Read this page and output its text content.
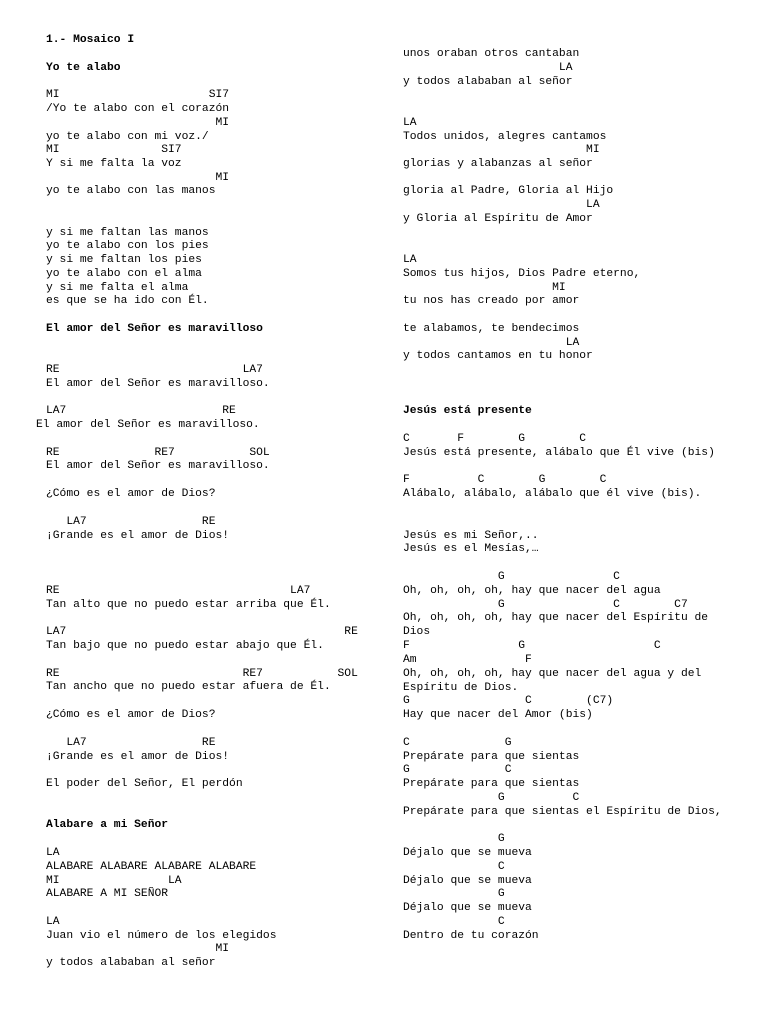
1.- Mosaico I
Yo te alabo
MI                      SI7
/Yo te alabo con el corazón
MI
yo te alabo con mi voz./
MI               SI7
Y si me falta la voz
MI
yo te alabo con las manos
y si me faltan las manos
yo te alabo con los pies
y si me faltan los pies
yo te alabo con el alma
y si me falta el alma
es que se ha ido con Él.
El amor del Señor es maravilloso
RE                           LA7
El amor del Señor es maravilloso.
LA7                       RE
El amor del Señor es maravilloso.
RE              RE7           SOL
El amor del Señor es maravilloso.
¿Cómo es el amor de Dios?
LA7                 RE
¡Grande es el amor de Dios!
RE                                  LA7
Tan alto que no puedo estar arriba que Él.
LA7                                         RE
Tan bajo que no puedo estar abajo que Él.
RE                           RE7           SOL
Tan ancho que no puedo estar afuera de Él.
¿Cómo es el amor de Dios?
LA7                 RE
¡Grande es el amor de Dios!
El poder del Señor, El perdón
Alabare a mi Señor
LA
ALABARE ALABARE ALABARE ALABARE
MI                LA
ALABARE A MI SEÑOR
LA
Juan vio el número de los elegidos
MI
y todos alababan al señor
unos oraban otros cantaban
LA
y todos alababan al señor
LA
Todos unidos, alegres cantamos
MI
glorias y alabanzas al señor
gloria al Padre, Gloria al Hijo
LA
y Gloria al Espíritu de Amor
LA
Somos tus hijos, Dios Padre eterno,
MI
tu nos has creado por amor
te alabamos, te bendecimos
LA
y todos cantamos en tu honor
Jesús está presente
C       F        G        C
Jesús está presente, alábalo que Él vive (bis)
F          C        G        C
Alábalo, alábalo, alábalo que él vive (bis).
Jesús es mi Señor,..
Jesús es el Mesías,…
G                C
Oh, oh, oh, oh, hay que nacer del agua
G                C        C7
Oh, oh, oh, oh, hay que nacer del Espíritu de Dios
F                G                   C
Am                F
Oh, oh, oh, oh, hay que nacer del agua y del Espíritu de Dios.
G                 C        (C7)
Hay que nacer del Amor (bis)
C              G
Prepárate para que sientas
G              C
Prepárate para que sientas
G          C
Prepárate para que sientas el Espíritu de Dios,
G
Déjalo que se mueva
C
Déjalo que se mueva
G
Déjalo que se mueva
C
Dentro de tu corazón
